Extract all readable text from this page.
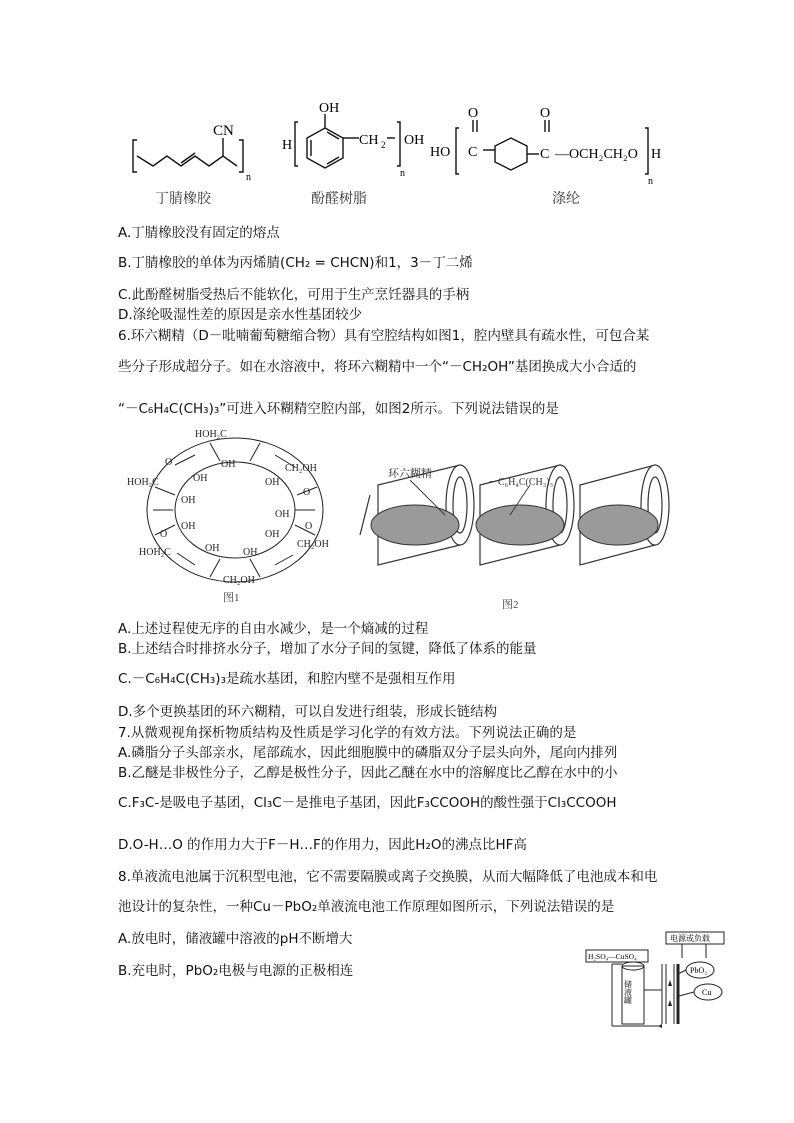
CN
n
丁腈橡胶
OH
H	CH 2 OH
n
酚醛树脂
O	O
HO C	C —OCH₂CH₂O H
n
涤纶
A.丁腈橡胶没有固定的熔点
B.丁腈橡胶的单体为丙烯腈(CH₂ = CHCN)和1，3－丁二烯
C.此酚醛树脂受热后不能软化，可用于生产烹饪器具的手柄
D.涤纶吸湿性差的原因是亲水性基团较少
6.环六糊精（D－吡喃葡萄糖缩合物）具有空腔结构如图1，腔内壁具有疏水性，可包合某
些分子形成超分子。如在水溶液中，将环六糊精中一个“－CH₂OH”基团换成大小合适的
“－C₆H₄C(CH₃)₃”可进入环糊精空腔内部，如图2所示。下列说法错误的是
HOH₂C
CH₂OH
HOH₂C
CH₂OH
HOH₂C
CH₂OH
OH
OH	OH
OH
OH
OH
OH
OH OH
O
O
O
O
图1
环六糊精
－C₆H₄C(CH₃)₃
图2
A.上述过程使无序的自由水减少，是一个熵减的过程
B.上述结合时排挤水分子，增加了水分子间的氢键，降低了体系的能量
C.－C₆H₄C(CH₃)₃是疏水基团，和腔内壁不是强相互作用
D.多个更换基团的环六糊精，可以自发进行组装，形成长链结构
7.从微观视角探析物质结构及性质是学习化学的有效方法。下列说法正确的是
A.磷脂分子头部亲水，尾部疏水，因此细胞膜中的磷脂双分子层头向外，尾向内排列
B.乙醚是非极性分子，乙醇是极性分子，因此乙醚在水中的溶解度比乙醇在水中的小
C.F₃C-是吸电子基团，Cl₃C－是推电子基团，因此F₃CCOOH的酸性强于Cl₃CCOOH
D.O-H…O 的作用力大于F－H…F的作用力，因此H₂O的沸点比HF高
8.单液流电池属于沉积型电池，它不需要隔膜或离子交换膜，从而大幅降低了电池成本和电
池设计的复杂性，一种Cu－PbO₂单液流电池工作原理如图所示，下列说法错误的是
A.放电时，储液罐中溶液的pH不断增大
B.充电时，PbO₂电极与电源的正极相连
电源或负载
H₂SO₄—CuSO₄
储液罐
PbO₂
Cu
